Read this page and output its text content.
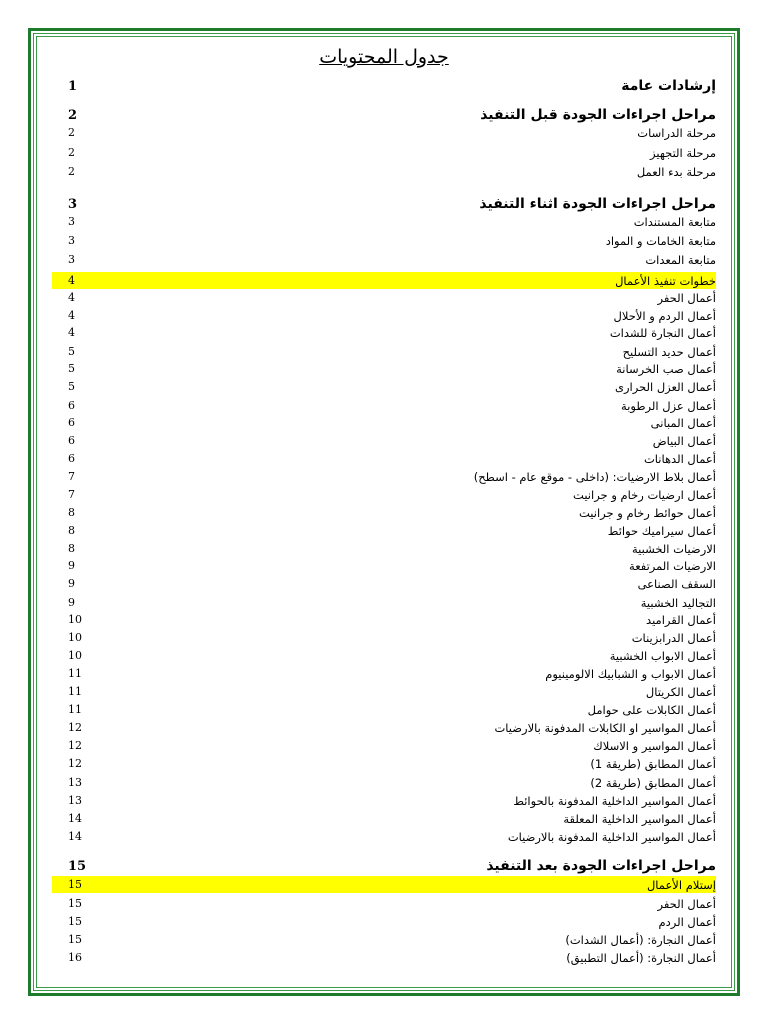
جدول المحتويات
1	إرشادات عامة
2	مراحل اجراءات الجودة قبل التنفيذ
2	مرحلة الدراسات
2	مرحلة التجهيز
2	مرحلة بدء العمل
3	مراحل اجراءات الجودة اثناء التنفيذ
3	متابعة المستندات
3	متابعة الخامات و المواد
3	متابعة المعدات
4	خطوات تنفيذ الأعمال
4	أعمال الحفر
4	أعمال الردم و الأحلال
4	أعمال النجارة للشدات
5	أعمال حديد التسليح
5	أعمال صب الخرسانة
5	أعمال العزل الحرارى
6	أعمال عزل الرطوبة
6	أعمال المبانى
6	أعمال البياض
6	أعمال الدهانات
7	أعمال بلاط الارضيات: (داخلى - موقع عام - اسطح)
7	أعمال ارضيات رخام و جرانيت
8	أعمال حوائط رخام و جرانيت
8	أعمال سيراميك حوائط
8	الارضيات الخشبية
9	الارضيات المرتفعة
9	السقف الصناعى
9	التجاليد الخشبية
10	أعمال القراميد
10	أعمال الدرابزينات
10	أعمال الابواب الخشبية
11	أعمال الابواب و الشبابيك الالومينيوم
11	أعمال الكريتال
11	أعمال الكابلات على حوامل
12	أعمال المواسير او الكابلات المدفونة بالارضيات
12	أعمال المواسير و الاسلاك
12	أعمال المطابق (طريقة 1)
13	أعمال المطابق (طريقة 2)
13	أعمال المواسير الداخلية المدفونة بالحوائط
14	أعمال المواسير الداخلية المعلقة
14	أعمال المواسير الداخلية المدفونة بالارضيات
15	مراحل اجراءات الجودة بعد التنفيذ
15	إستلام الأعمال
15	أعمال الحفر
15	أعمال الردم
15	أعمال النجارة: (أعمال الشدات)
16	أعمال النجارة: (أعمال التطبيق)
